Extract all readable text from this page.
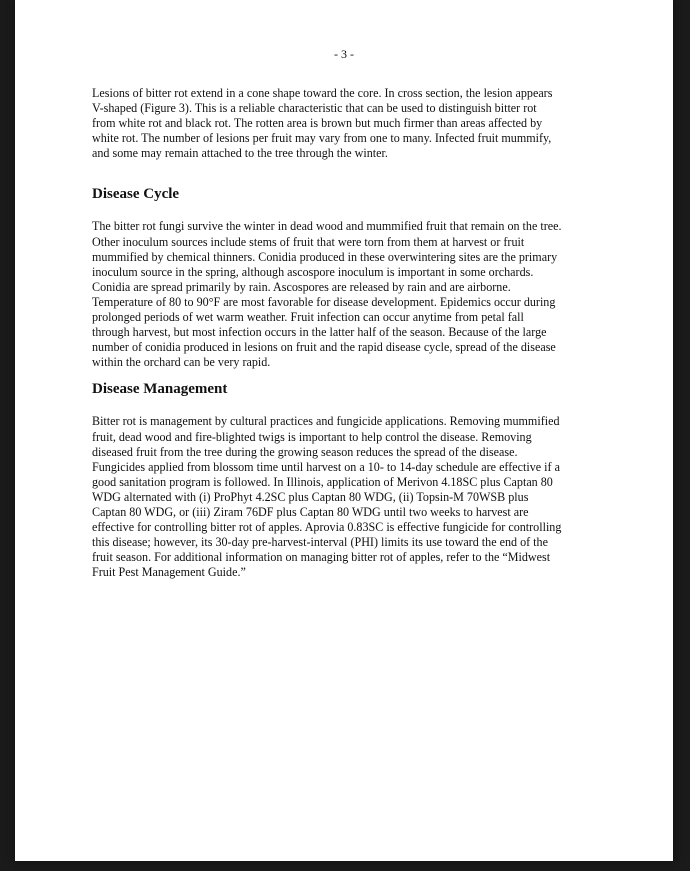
- 3 -

Lesions of bitter rot extend in a cone shape toward the core. In cross section, the lesion appears
V-shaped (Figure 3). This is a reliable characteristic that can be used to distinguish bitter rot
from white rot and black rot. The rotten area is brown but much firmer than areas affected by
white rot. The number of lesions per fruit may vary from one to many. Infected fruit mummify,
and some may remain attached to the tree through the winter.

Disease Cycle

The bitter rot fungi survive the winter in dead wood and mummified fruit that remain on the tree.
Other inoculum sources include stems of fruit that were torn from them at harvest or fruit
mummified by chemical thinners. Conidia produced in these overwintering sites are the primary
inoculum source in the spring, although ascospore inoculum is important in some orchards.
Conidia are spread primarily by rain. Ascospores are released by rain and are airborne.
Temperature of 80 to 90°F are most favorable for disease development. Epidemics occur during
prolonged periods of wet warm weather. Fruit infection can occur anytime from petal fall
through harvest, but most infection occurs in the latter half of the season. Because of the large
number of conidia produced in lesions on fruit and the rapid disease cycle, spread of the disease
within the orchard can be very rapid.

Disease Management

Bitter rot is management by cultural practices and fungicide applications. Removing mummified
fruit, dead wood and fire-blighted twigs is important to help control the disease. Removing
diseased fruit from the tree during the growing season reduces the spread of the disease.
Fungicides applied from blossom time until harvest on a 10- to 14-day schedule are effective if a
good sanitation program is followed. In Illinois, application of Merivon 4.18SC plus Captan 80
WDG alternated with (i) ProPhyt 4.2SC plus Captan 80 WDG, (ii) Topsin-M 70WSB plus
Captan 80 WDG, or (iii) Ziram 76DF plus Captan 80 WDG until two weeks to harvest are
effective for controlling bitter rot of apples. Aprovia 0.83SC is effective fungicide for controlling
this disease; however, its 30-day pre-harvest-interval (PHI) limits its use toward the end of the
fruit season. For additional information on managing bitter rot of apples, refer to the “Midwest
Fruit Pest Management Guide.”
